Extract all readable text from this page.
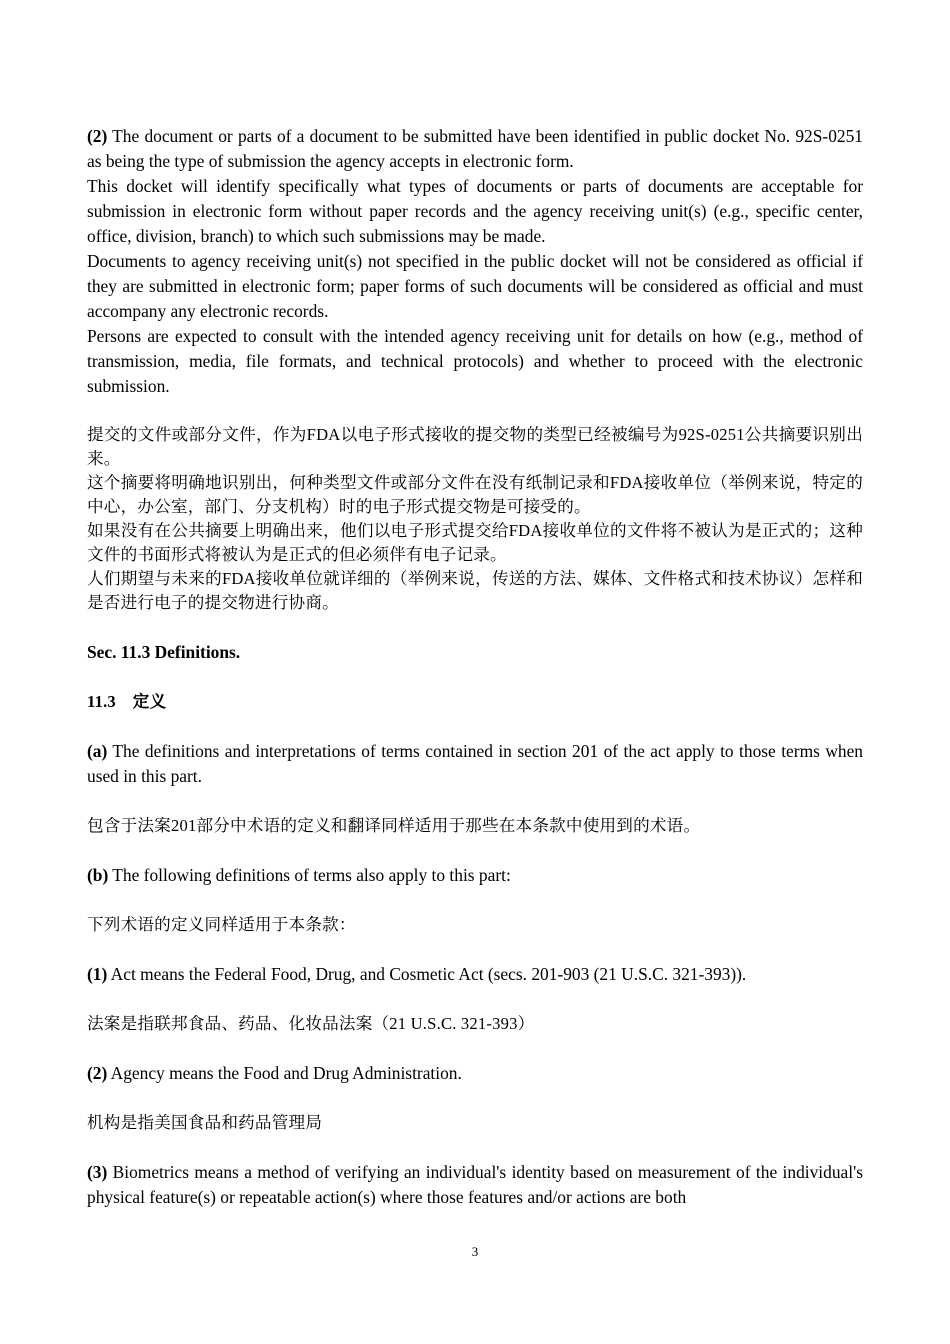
(2) The document or parts of a document to be submitted have been identified in public docket No. 92S-0251 as being the type of submission the agency accepts in electronic form.

This docket will identify specifically what types of documents or parts of documents are acceptable for submission in electronic form without paper records and the agency receiving unit(s) (e.g., specific center, office, division, branch) to which such submissions may be made.

Documents to agency receiving unit(s) not specified in the public docket will not be considered as official if they are submitted in electronic form; paper forms of such documents will be considered as official and must accompany any electronic records.

Persons are expected to consult with the intended agency receiving unit for details on how (e.g., method of transmission, media, file formats, and technical protocols) and whether to proceed with the electronic submission.

提交的文件或部分文件，作为FDA以电子形式接收的提交物的类型已经被编号为92S-0251公共摘要识别出来。

这个摘要将明确地识别出，何种类型文件或部分文件在没有纸制记录和FDA接收单位（举例来说，特定的中心，办公室，部门、分支机构）时的电子形式提交物是可接受的。

如果没有在公共摘要上明确出来，他们以电子形式提交给FDA接收单位的文件将不被认为是正式的；这种文件的书面形式将被认为是正式的但必须伴有电子记录。

人们期望与未来的FDA接收单位就详细的（举例来说，传送的方法、媒体、文件格式和技术协议）怎样和是否进行电子的提交物进行协商。

Sec. 11.3 Definitions.

11.3　定义

(a) The definitions and interpretations of terms contained in section 201 of the act apply to those terms when used in this part.

包含于法案201部分中术语的定义和翻译同样适用于那些在本条款中使用到的术语。

(b) The following definitions of terms also apply to this part:

下列术语的定义同样适用于本条款：

(1) Act means the Federal Food, Drug, and Cosmetic Act (secs. 201-903 (21 U.S.C. 321-393)).

法案是指联邦食品、药品、化妆品法案（21 U.S.C. 321-393）

(2) Agency means the Food and Drug Administration.

机构是指美国食品和药品管理局

(3) Biometrics means a method of verifying an individual's identity based on measurement of the individual's physical feature(s) or repeatable action(s) where those features and/or actions are both

3
